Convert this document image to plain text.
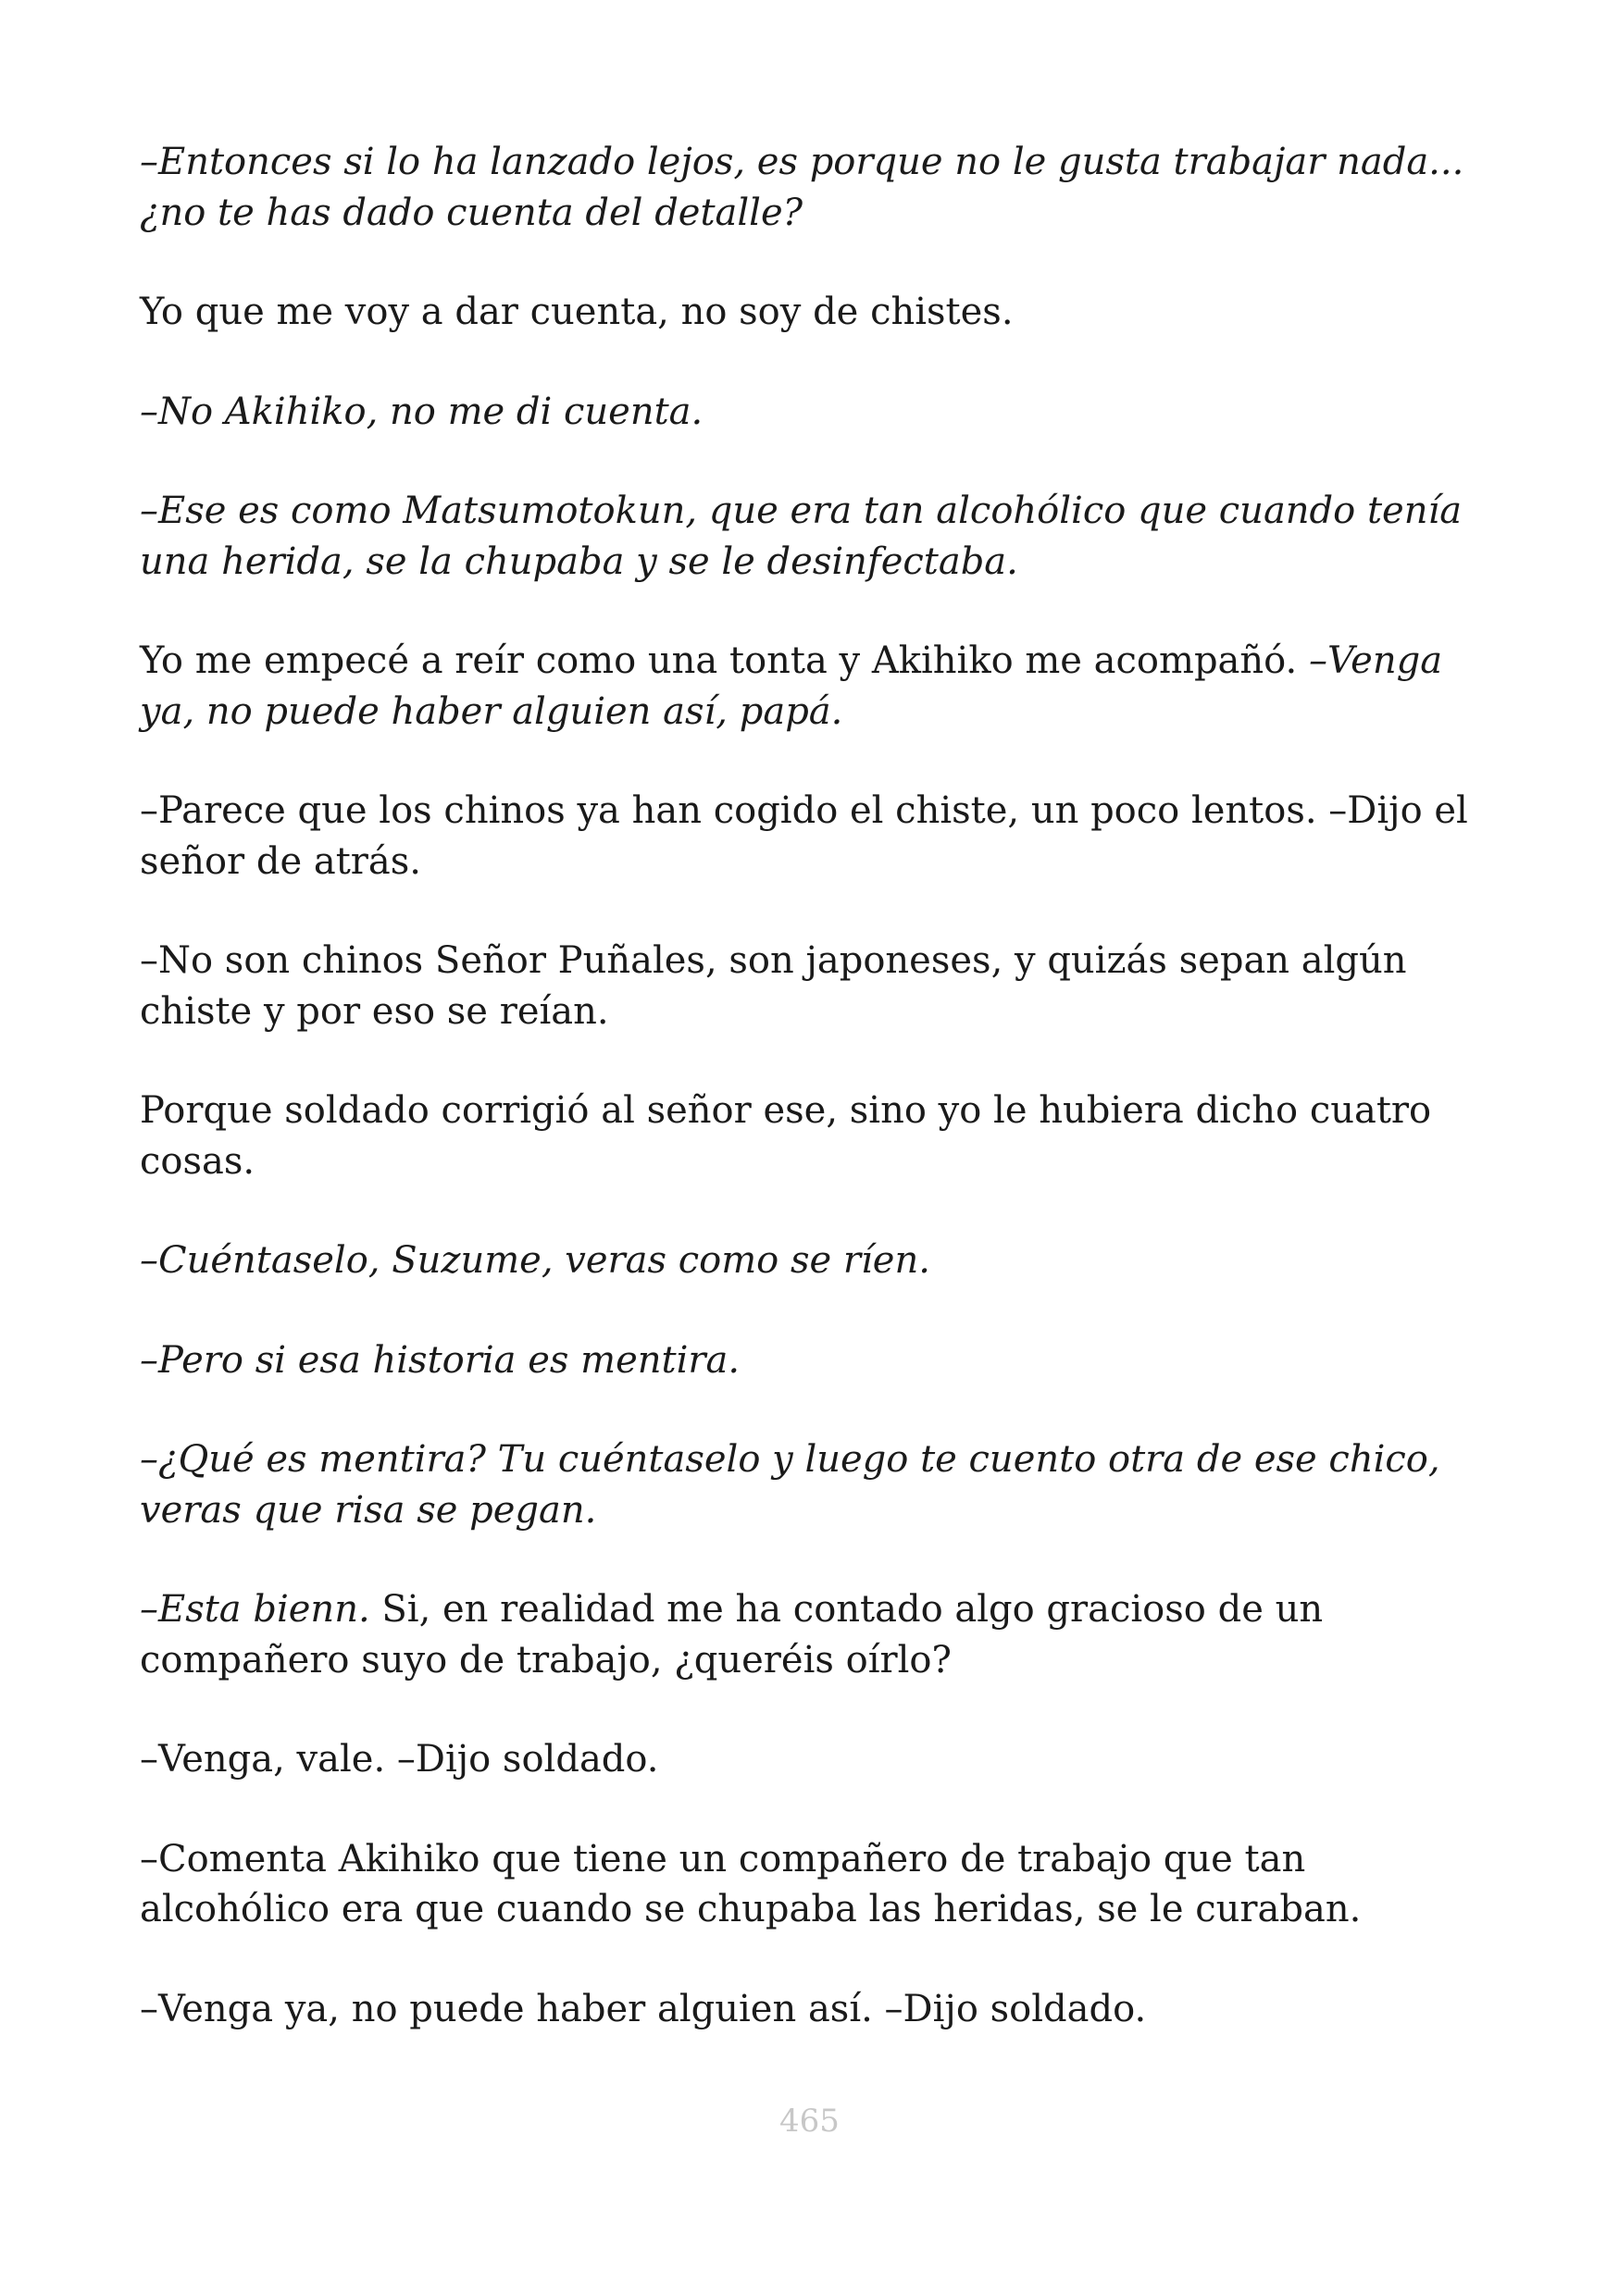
–Entonces si lo ha lanzado lejos, es porque no le gusta trabajar nada... ¿no te has dado cuenta del detalle?

Yo que me voy a dar cuenta, no soy de chistes.

–No Akihiko, no me di cuenta.

–Ese es como Matsumotokun, que era tan alcohólico que cuando tenía una herida, se la chupaba y se le desinfectaba.

Yo me empecé a reír como una tonta y Akihiko me acompañó. –Venga ya, no puede haber alguien así, papá.

–Parece que los chinos ya han cogido el chiste, un poco lentos. –Dijo el señor de atrás.

–No son chinos Señor Puñales, son japoneses, y quizás sepan algún chiste y por eso se reían.

Porque soldado corrigió al señor ese, sino yo le hubiera dicho cuatro cosas.

–Cuéntaselo, Suzume, veras como se ríen.

–Pero si esa historia es mentira.

–¿Qué es mentira? Tu cuéntaselo y luego te cuento otra de ese chico, veras que risa se pegan.

–Esta bienn. Si, en realidad me ha contado algo gracioso de un compañero suyo de trabajo, ¿queréis oírlo?

–Venga, vale. –Dijo soldado.

–Comenta Akihiko que tiene un compañero de trabajo que tan alcohólico era que cuando se chupaba las heridas, se le curaban.

–Venga ya, no puede haber alguien así. –Dijo soldado.

465
